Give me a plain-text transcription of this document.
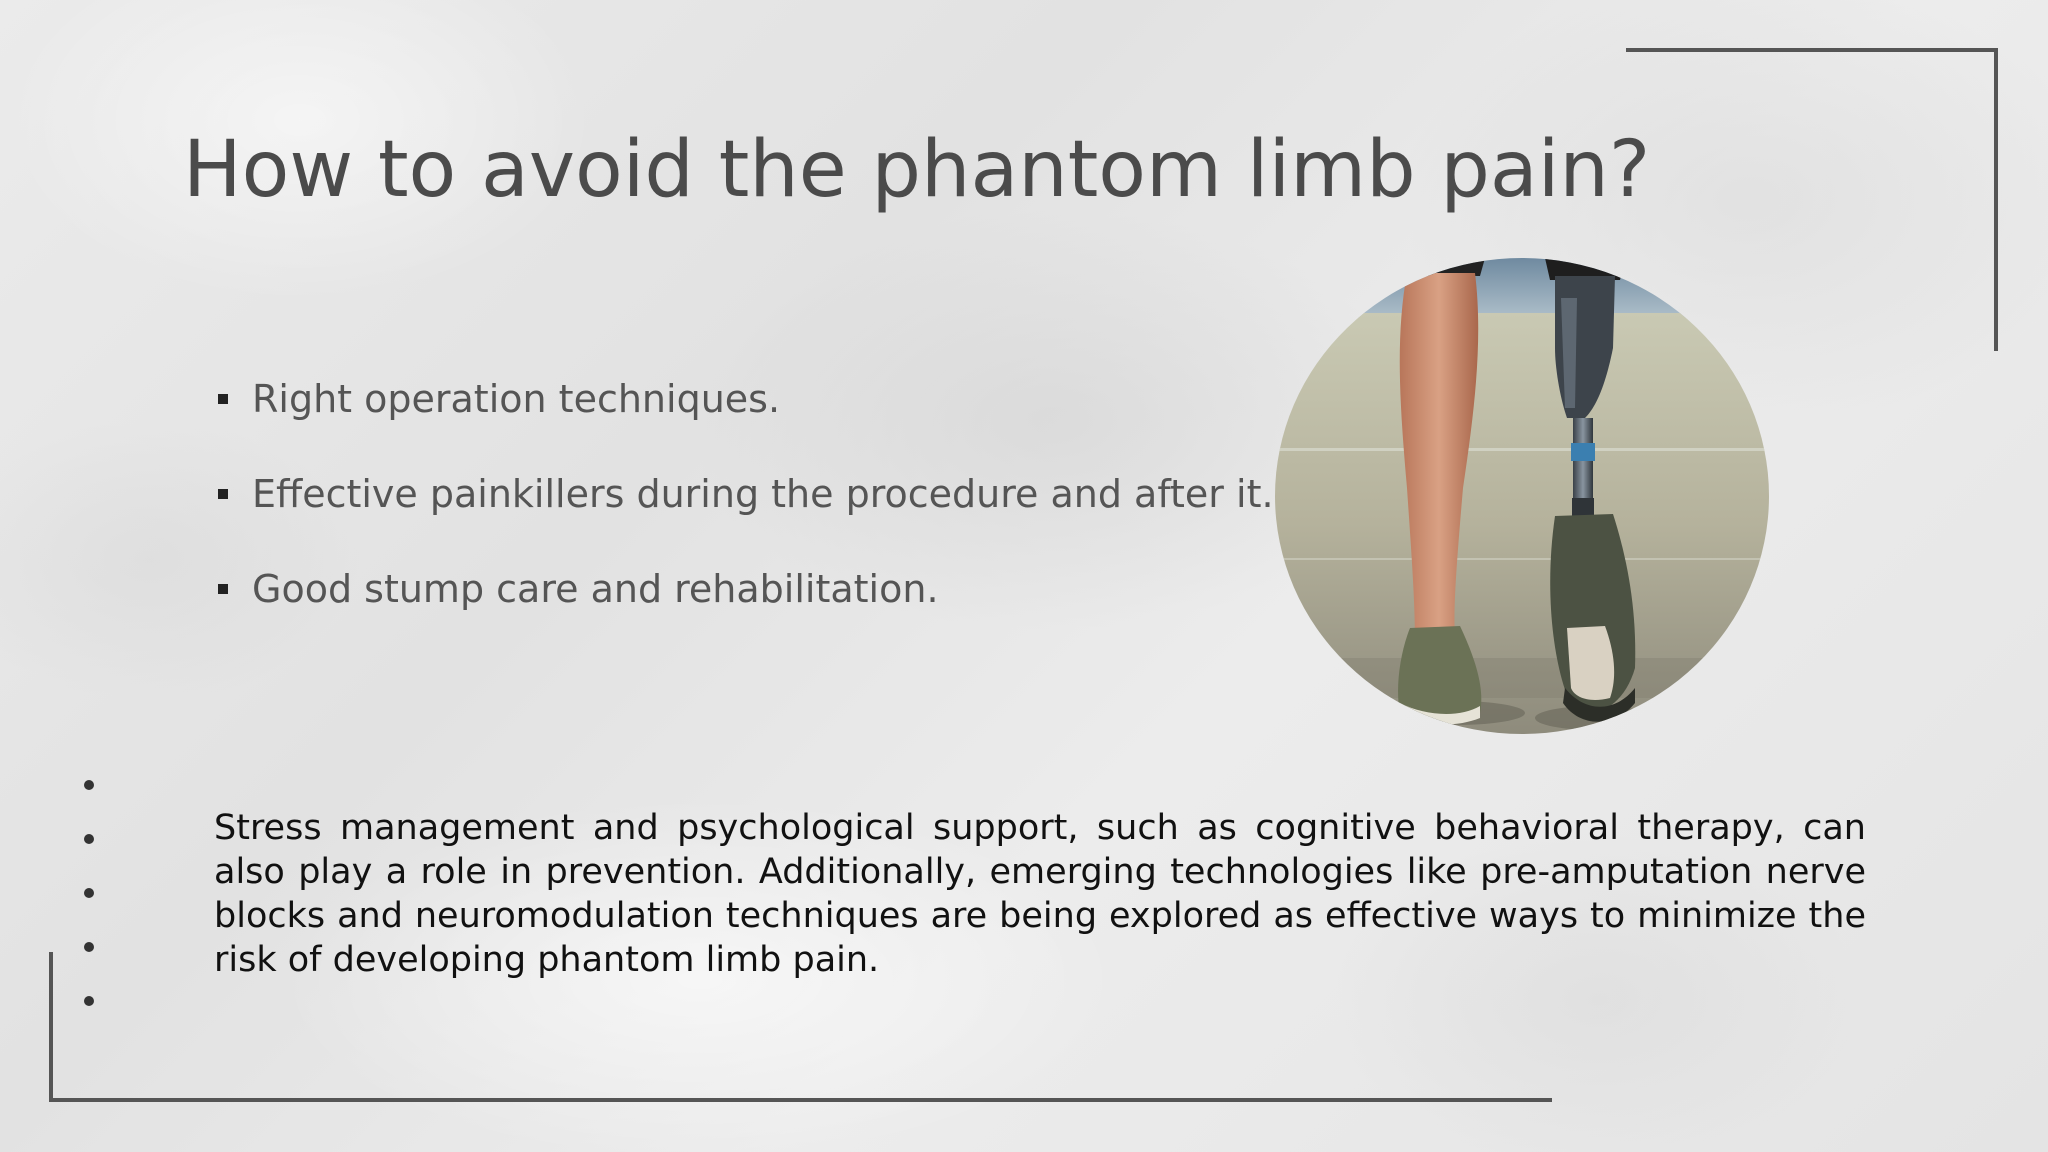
How to avoid the phantom limb pain?
Right operation techniques.
Effective painkillers during the procedure and after it.
Good stump care and rehabilitation.

Stress management and psychological support, such as cognitive behavioral therapy, can also play a role in prevention. Additionally, emerging technologies like pre-amputation nerve blocks and neuromodulation techniques are being explored as effective ways to minimize the risk of developing phantom limb pain.
